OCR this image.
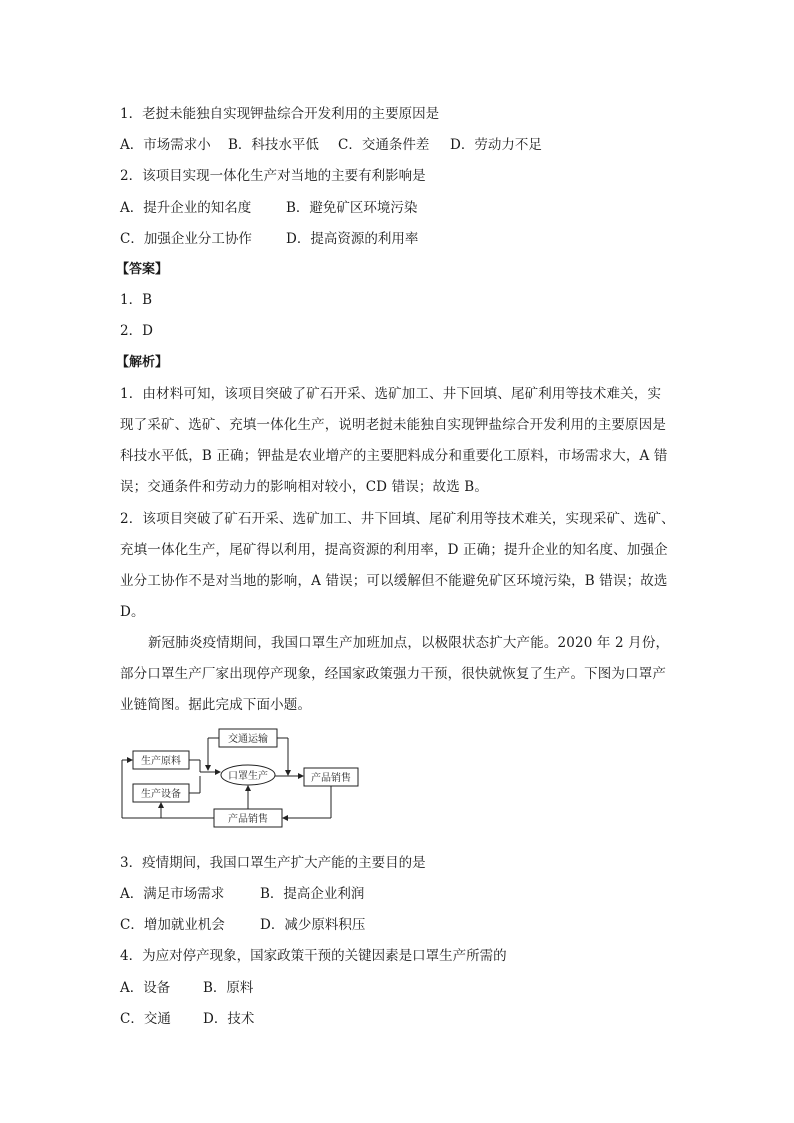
1．老挝未能独自实现钾盐综合开发利用的主要原因是
A．市场需求小 B．科技水平低 C．交通条件差 D．劳动力不足
2．该项目实现一体化生产对当地的主要有利影响是
A．提升企业的知名度	B．避免矿区环境污染
C．加强企业分工协作	D．提高资源的利用率
【答案】
1．B
2．D
【解析】
1．由材料可知，该项目突破了矿石开采、选矿加工、井下回填、尾矿利用等技术难关，实
现了采矿、选矿、充填一体化生产，说明老挝未能独自实现钾盐综合开发利用的主要原因是
科技水平低，B 正确；钾盐是农业增产的主要肥料成分和重要化工原料，市场需求大，A 错
误；交通条件和劳动力的影响相对较小，CD 错误；故选 B。
2．该项目突破了矿石开采、选矿加工、井下回填、尾矿利用等技术难关，实现采矿、选矿、
充填一体化生产，尾矿得以利用，提高资源的利用率，D 正确；提升企业的知名度、加强企
业分工协作不是对当地的影响，A 错误；可以缓解但不能避免矿区环境污染，B 错误；故选
D。
新冠肺炎疫情期间，我国口罩生产加班加点，以极限状态扩大产能。2020 年 2 月份，
部分口罩生产厂家出现停产现象，经国家政策强力干预，很快就恢复了生产。下图为口罩产
业链简图。据此完成下面小题。
生产原料
生产设备
交通运输
口罩生产	产品销售
产品销售
3．疫情期间，我国口罩生产扩大产能的主要目的是
A．满足市场需求	B．提高企业利润
C．增加就业机会	D．减少原料积压
4．为应对停产现象，国家政策干预的关键因素是口罩生产所需的
A．设备 B．原料
C．交通 D．技术
